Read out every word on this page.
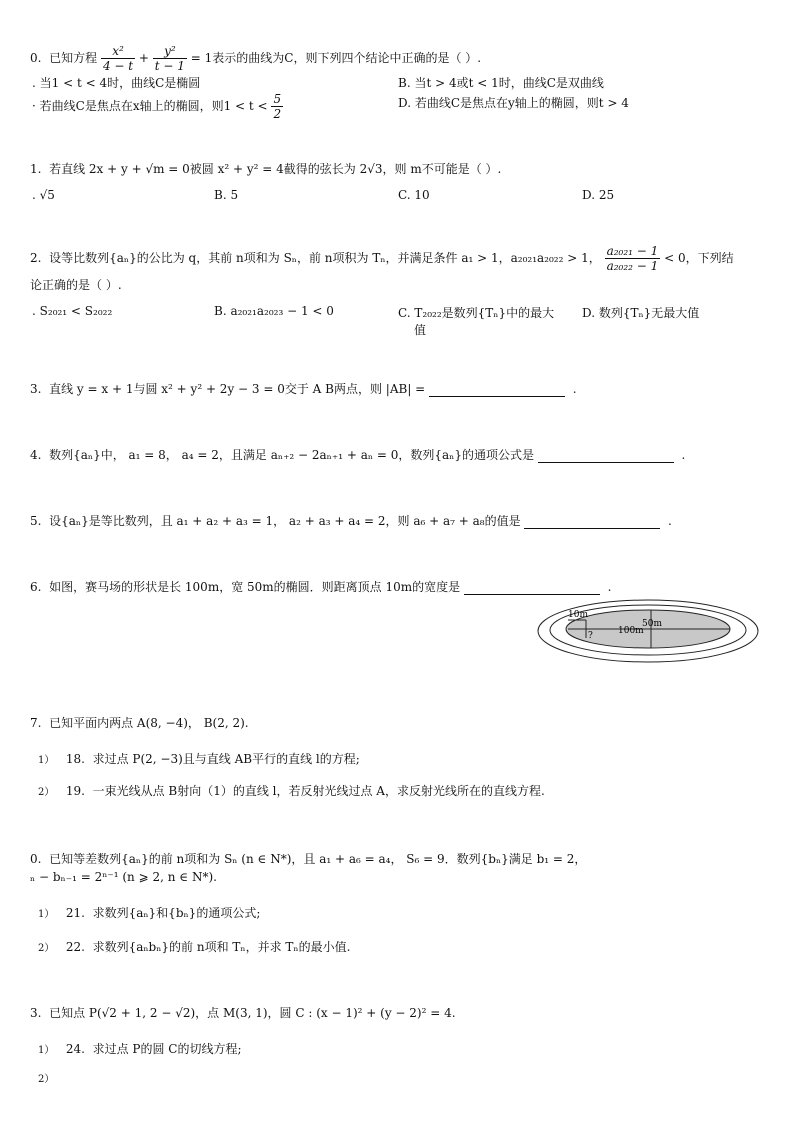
0. 已知方程 $\frac{\text{x²}}{4 - t} + \frac{\text{y²}}{t - 1} = 1$表示的曲线为C，则下列四个结论中正确的是（ ）.
. 当1 < t < 4时，曲线C是椭圆	B. 当t > 4或t < 1时，曲线C是双曲线
· 若曲线C是焦点在x轴上的椭圆，则$1 < t < \frac{5}{2}$	D. 若曲线C是焦点在y轴上的椭圆，则t > 4
1. 若直线 2x + y + √m = 0被圆 x² + y² = 4截得的弦长为 2√3，则 m不可能是（ ）.
. √5	B. 5	C. 10	D. 25
2. 设等比数列{aₙ}的公比为 q，其前 n项和为 Sₙ，前 n项积为 Tₙ，并满足条件 a₁ > 1，a₂₀₂₁a₂₀₂₂ > 1， $\frac{\text{a₂₀₂₁ − 1}}{\text{a₂₀₂₂ − 1}} < 0$，下列结
论正确的是（ ）.
. S₂₀₂₁ < S₂₀₂₂	B. a₂₀₂₁a₂₀₂₃ − 1 < 0	C. T₂₀₂₂是数列{Tₙ}中的最大
值
D. 数列{Tₙ}无最大值
3. 直线 y = x + 1与圆 x² + y² + 2y − 3 = 0交于 A B两点，则 |AB| =	.
4. 数列{aₙ}中， a₁ = 8， a₄ = 2，且满足 aₙ₊₂ − 2aₙ₊₁ + aₙ = 0，数列{aₙ}的通项公式是	.
5. 设{aₙ}是等比数列，且 a₁ + a₂ + a₃ = 1， a₂ + a₃ + a₄ = 2，则 a₆ + a₇ + a₈的值是	.
6. 如图，赛马场的形状是长 100m，宽 50m的椭圆．则距离顶点 10m的宽度是	.
10m
100m
50m
?
7. 已知平面内两点 A(8, −4)， B(2, 2).
1） 18. 求过点 P(2, −3)且与直线 AB平行的直线 l的方程;
2） 19. 一束光线从点 B射向（1）的直线 l，若反射光线过点 A，求反射光线所在的直线方程.
0. 已知等差数列{aₙ}的前 n项和为 Sₙ (n ∈ N*)，且 a₁ + a₆ = a₄， S₆ = 9．数列{bₙ}满足 b₁ = 2，
ₙ − bₙ₋₁ = 2ⁿ⁻¹ (n ⩾ 2, n ∈ N*).
1） 21. 求数列{aₙ}和{bₙ}的通项公式;
2） 22. 求数列{aₙbₙ}的前 n项和 Tₙ，并求 Tₙ的最小值.
3. 已知点 P(√2 + 1, 2 − √2)，点 M(3, 1)，圆 C : (x − 1)² + (y − 2)² = 4.
1） 24. 求过点 P的圆 C的切线方程;
2）
